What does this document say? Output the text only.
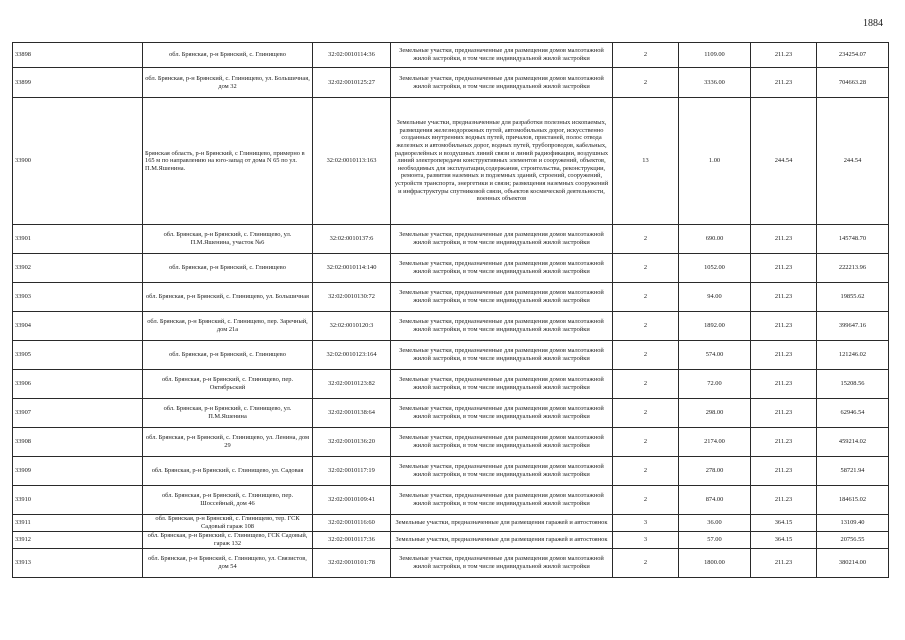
1884
33898	обл. Брянская, р-н Брянский, с. Глинищево	32:02:0010114:36	Земельные участки, предназначенные для размещения домов малоэтажной жилой застройки, в том числе индивидуальной жилой застройки	2	1109.00	211.23	234254.07
33899	обл. Брянская, р-н Брянский, с. Глинищево, ул. Большичная, дом 32	32:02:0010125:27	Земельные участки, предназначенные для размещения домов малоэтажной жилой застройки, в том числе индивидуальной жилой застройки	2	3336.00	211.23	704663.28
33900	Брянская область, р-н Брянский, с Глинищево, примерно в 165 м по направлению на юго-запад от дома N 65 по ул. П.М.Яшенина.	32:02:0010113:163	Земельные участки, предназначенные для разработки полезных ископаемых, размещения железнодорожных путей, автомобильных дорог, искусственно созданных внутренних водных путей, причалов, пристаней, полос отвода железных и автомобильных дорог, водных путей, трубопроводов, кабельных, радиорелейных и воздушных линий связи и линий радиофикации, воздушных линий электропередачи конструктивных элементов и сооружений, объектов, необходимых для эксплуатации,содержания, строительства, реконструкции, ремонта, развития наземных и подземных зданий, строений, сооружений, устройств транспорта, энергетики и связи; размещения наземных сооружений и инфраструктуры спутниковой связи, объектов космической деятельности, военных объектов	13	1.00	244.54	244.54
33901	обл. Брянская, р-н Брянский, с. Глинищево, ул. П.М.Яшенина, участок №6	32:02:0010137:6	Земельные участки, предназначенные для размещения домов малоэтажной жилой застройки, в том числе индивидуальной жилой застройки	2	690.00	211.23	145748.70
33902	обл. Брянская, р-н Брянский, с. Глинищево	32:02:0010114:140	Земельные участки, предназначенные для размещения домов малоэтажной жилой застройки, в том числе индивидуальной жилой застройки	2	1052.00	211.23	222213.96
33903	обл. Брянская, р-н Брянский, с. Глинищево, ул. Большичная	32:02:0010130:72	Земельные участки, предназначенные для размещения домов малоэтажной жилой застройки, в том числе индивидуальной жилой застройки	2	94.00	211.23	19855.62
33904	обл. Брянская, р-н Брянский, с. Глинищево, пер. Заречный, дом 21а	32:02:0010120:3	Земельные участки, предназначенные для размещения домов малоэтажной жилой застройки, в том числе индивидуальной жилой застройки	2	1892.00	211.23	399647.16
33905	обл. Брянская, р-н Брянский, с. Глинищево	32:02:0010123:164	Земельные участки, предназначенные для размещения домов малоэтажной жилой застройки, в том числе индивидуальной жилой застройки	2	574.00	211.23	121246.02
33906	обл. Брянская, р-н Брянский, с. Глинищево, пер. Октябрьский	32:02:0010123:82	Земельные участки, предназначенные для размещения домов малоэтажной жилой застройки, в том числе индивидуальной жилой застройки	2	72.00	211.23	15208.56
33907	обл. Брянская, р-н Брянский, с. Глинищево, ул. П.М.Яшенина	32:02:0010138:64	Земельные участки, предназначенные для размещения домов малоэтажной жилой застройки, в том числе индивидуальной жилой застройки	2	298.00	211.23	62946.54
33908	обл. Брянская, р-н Брянский, с. Глинищево, ул. Ленина, дом 29	32:02:0010136:20	Земельные участки, предназначенные для размещения домов малоэтажной жилой застройки, в том числе индивидуальной жилой застройки	2	2174.00	211.23	459214.02
33909	обл. Брянская, р-н Брянский, с. Глинищево, ул. Садовая	32:02:0010117:19	Земельные участки, предназначенные для размещения домов малоэтажной жилой застройки, в том числе индивидуальной жилой застройки	2	278.00	211.23	58721.94
33910	обл. Брянская, р-н Брянский, с. Глинищево, пер. Шоссейный, дом 46	32:02:0010109:41	Земельные участки, предназначенные для размещения домов малоэтажной жилой застройки, в том числе индивидуальной жилой застройки	2	874.00	211.23	184615.02
33911	обл. Брянская, р-н Брянский, с. Глинищево, тер. ГСК Садовый гараж 108	32:02:0010116:60	Земельные участки, предназначенные для размещения гаражей и автостоянок	3	36.00	364.15	13109.40
33912	обл. Брянская, р-н Брянский, с. Глинищево, ГСК Садовый, гараж 132	32:02:0010117:36	Земельные участки, предназначенные для размещения гаражей и автостоянок	3	57.00	364.15	20756.55
33913	обл. Брянская, р-н Брянский, с. Глинищево, ул. Связистов, дом 54	32:02:0010101:78	Земельные участки, предназначенные для размещения домов малоэтажной жилой застройки, в том числе индивидуальной жилой застройки	2	1800.00	211.23	380214.00
